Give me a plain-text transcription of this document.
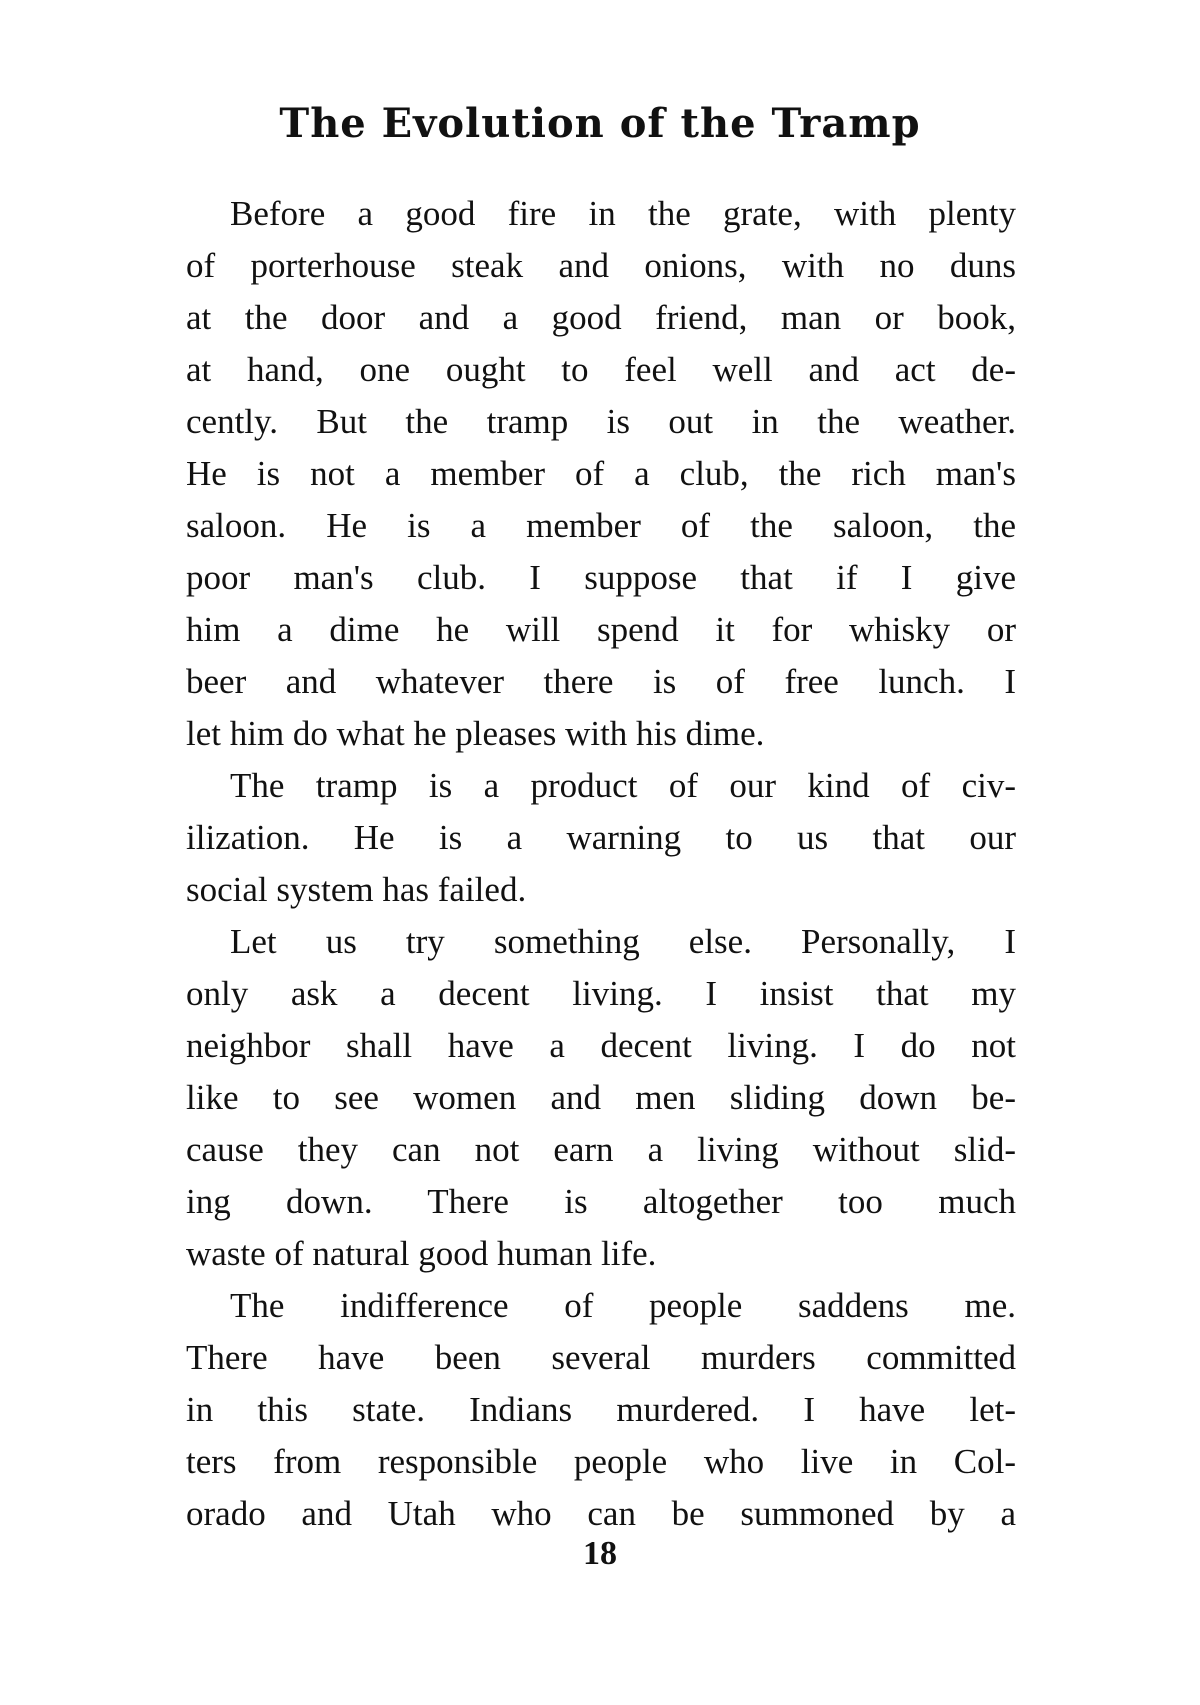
The Evolution of the Tramp
Before a good fire in the grate, with plenty
of porterhouse steak and onions, with no duns
at the door and a good friend, man or book,
at hand, one ought to feel well and act de-
cently. But the tramp is out in the weather.
He is not a member of a club, the rich man's
saloon. He is a member of the saloon, the
poor man's club. I suppose that if I give
him a dime he will spend it for whisky or
beer and whatever there is of free lunch. I
let him do what he pleases with his dime.
The tramp is a product of our kind of civ-
ilization. He is a warning to us that our
social system has failed.
Let us try something else. Personally, I
only ask a decent living. I insist that my
neighbor shall have a decent living. I do not
like to see women and men sliding down be-
cause they can not earn a living without slid-
ing down. There is altogether too much
waste of natural good human life.
The indifference of people saddens me.
There have been several murders committed
in this state. Indians murdered. I have let-
ters from responsible people who live in Col-
orado and Utah who can be summoned by a
18
